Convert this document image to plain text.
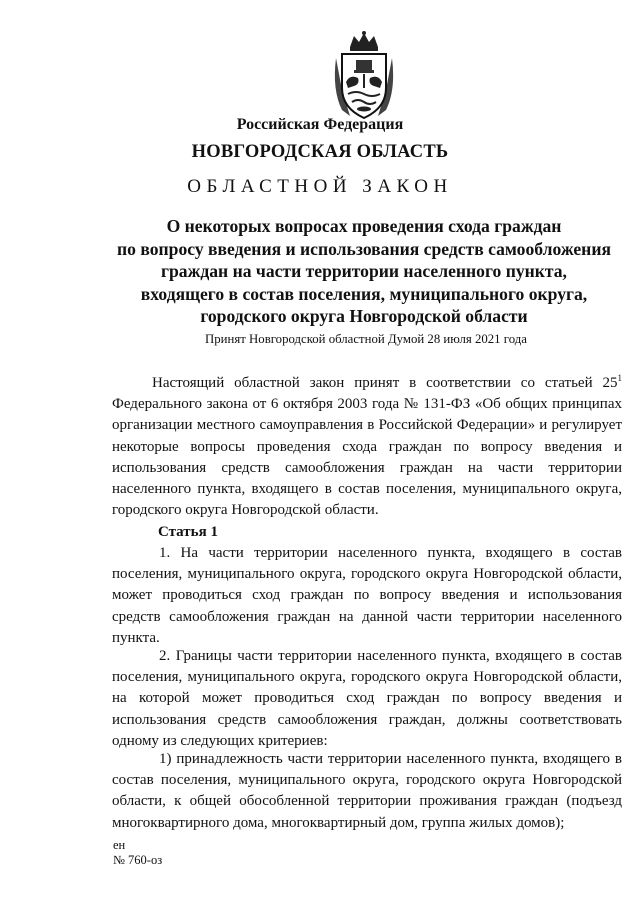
Российская Федерация
НОВГОРОДСКАЯ ОБЛАСТЬ
ОБЛАСТНОЙ ЗАКОН
О некоторых вопросах проведения схода граждан
по вопросу введения и использования средств самообложения
граждан на части территории населенного пункта,
входящего в состав поселения, муниципального округа,
городского округа Новгородской области
Принят Новгородской областной Думой 28 июля 2021 года

Настоящий областной закон принят в соответствии со статьей $25^1$ Федерального закона от 6 октября 2003 года № 131-ФЗ «Об общих принципах организации местного самоуправления в Российской Федерации» и регулирует некоторые вопросы проведения схода граждан по вопросу введения и использования средств самообложения граждан на части территории населенного пункта, входящего в состав поселения, муниципального округа, городского округа Новгородской области.

Статья 1

1. На части территории населенного пункта, входящего в состав поселения, муниципального округа, городского округа Новгородской области, может проводиться сход граждан по вопросу введения и использования средств самообложения граждан на данной части территории населенного пункта.

2. Границы части территории населенного пункта, входящего в состав поселения, муниципального округа, городского округа Новгородской области, на которой может проводиться сход граждан по вопросу введения и использования средств самообложения граждан, должны соответствовать одному из следующих критериев:

1) принадлежность части территории населенного пункта, входящего в состав поселения, муниципального округа, городского округа Новгородской области, к общей обособленной территории проживания граждан (подъезд многоквартирного дома, многоквартирный дом, группа жилых домов);

ен
№ 760-оз
